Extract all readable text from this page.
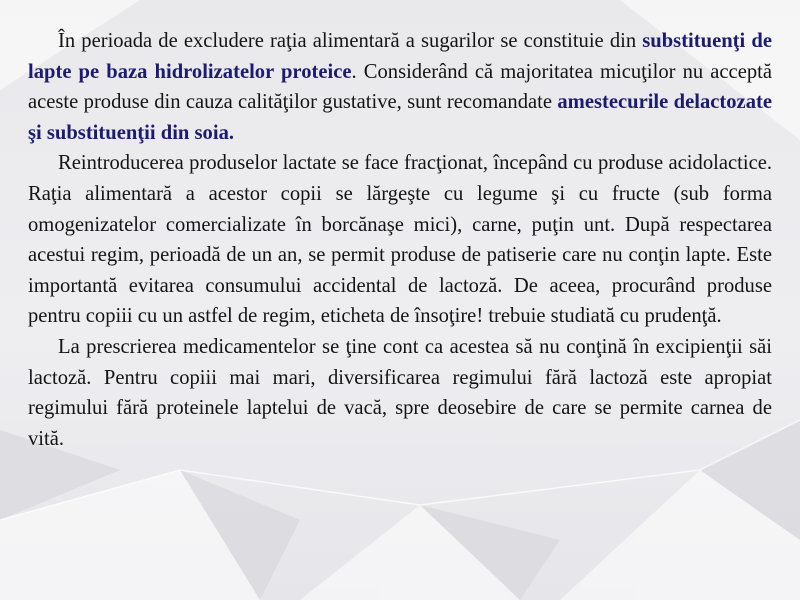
În perioada de excludere raţia alimentară a sugarilor se constituie din substituenţi de lapte pe baza hidrolizatelor proteice. Considerând că majoritatea micuţilor nu acceptă aceste produse din cauza calităţilor gustative, sunt recomandate amestecurile delactozate şi substituenţii din soia.

Reintroducerea produselor lactate se face fracţionat, începând cu produse acidolactice. Raţia alimentară a acestor copii se lărgeşte cu legume şi cu fructe (sub forma omogenizatelor comercializate în borcănaşe mici), carne, puţin unt. După respectarea acestui regim, perioadă de un an, se permit produse de patiserie care nu conţin lapte. Este importantă evitarea consumului accidental de lactoză. De aceea, procurând produse pentru copiii cu un astfel de regim, eticheta de însoţire! trebuie studiată cu prudenţă.

La prescrierea medicamentelor se ţine cont ca acestea să nu conţină în excipienţii săi lactoză. Pentru copiii mai mari, diversificarea regimului fără lactoză este apropiat regimului fără proteinele laptelui de vacă, spre deosebire de care se permite carnea de vită.
